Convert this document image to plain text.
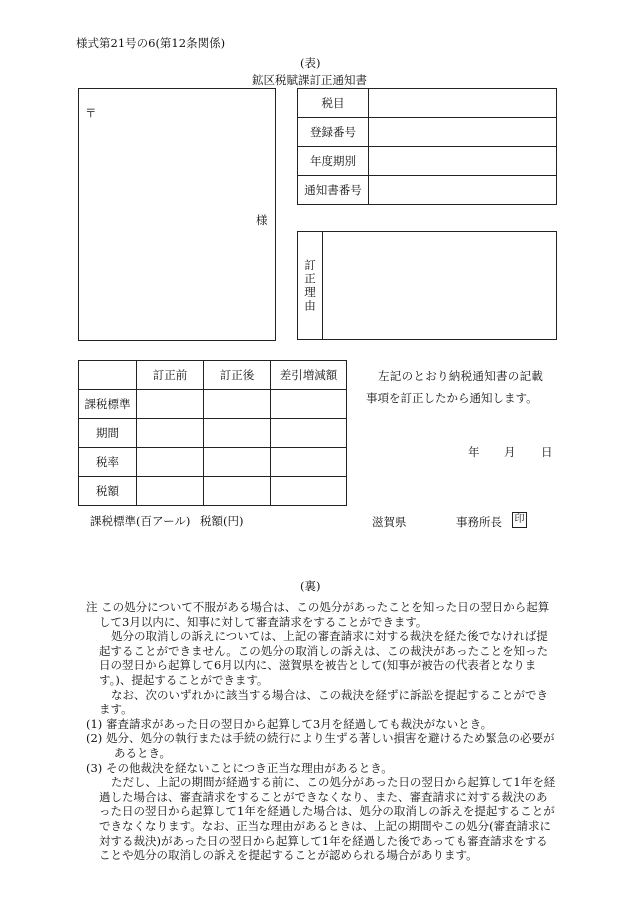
様式第21号の6(第12条関係)
(表)
鉱区税賦課訂正通知書
〒
様
税目	
登録番号	
年度期別	
通知書番号	
訂正理由
	訂正前	訂正後	差引増減額
課税標準			
期間			
税率			
税額			
課税標準(百アール) 税額(円)
左記のとおり納税通知書の記載
事項を訂正したから通知します。
年 月 日
滋賀県	事務所長 印
(裏)

注 この処分について不服がある場合は、この処分があったことを知った日の翌日から起算して3月以内に、知事に対して審査請求をすることができます。

処分の取消しの訴えについては、上記の審査請求に対する裁決を経た後でなければ提起することができません。この処分の取消しの訴えは、この裁決があったことを知った日の翌日から起算して6月以内に、滋賀県を被告として(知事が被告の代表者となります。)、提起することができます。

なお、次のいずれかに該当する場合は、この裁決を経ずに訴訟を提起することができます。

(1) 審査請求があった日の翌日から起算して3月を経過しても裁決がないとき。

(2) 処分、処分の執行または手続の続行により生ずる著しい損害を避けるため緊急の必要があるとき。

(3) その他裁決を経ないことにつき正当な理由があるとき。

ただし、上記の期間が経過する前に、この処分があった日の翌日から起算して1年を経過した場合は、審査請求をすることができなくなり、また、審査請求に対する裁決のあった日の翌日から起算して1年を経過した場合は、処分の取消しの訴えを提起することができなくなります。なお、正当な理由があるときは、上記の期間やこの処分(審査請求に対する裁決)があった日の翌日から起算して1年を経過した後であっても審査請求をすることや処分の取消しの訴えを提起することが認められる場合があります。
